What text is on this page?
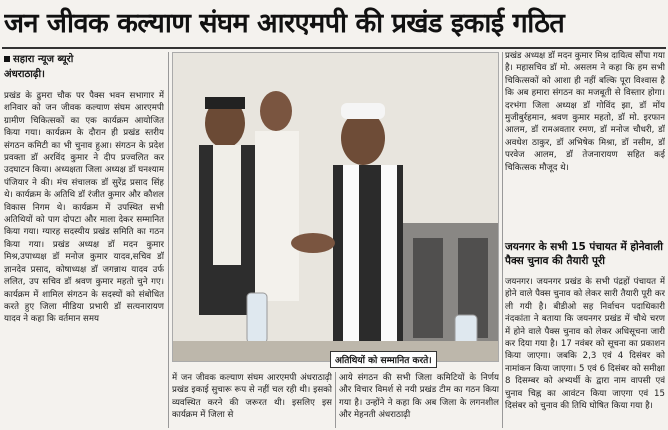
जन जीवक कल्याण संघम आरएमपी की प्रखंड इकाई गठित
सहारा न्यूज ब्यूरो
अंधराठाढ़ी।
प्रखंड के ढुमरा चौक पर पैक्स भवन सभागार में शनिवार को जन जीवक कल्याण संघम आरएमपी ग्रामीण चिकित्सकों का एक कार्यक्रम आयोजित किया गया। कार्यक्रम के दौरान ही प्रखंड स्तरीय संगठन कमिटी का भी चुनाव हुआ। संगठन के प्रदेश प्रवक्ता डॉ अरविंद कुमार ने दीप प्रज्वलित कर उदघाटन किया। अध्यक्षता जिला अध्यक्ष डॉ घनश्याम पंजियार ने की। मंच संचालक डॉ सुरेंद्र प्रसाद सिंह थे। कार्यक्रम के अतिथि डॉ रंजीत कुमार और कौशल विकास निगम थे। कार्यक्रम में उपस्थित सभी अतिथियों को पाग दोपटा और माला देकर सम्मानित किया गया। ग्यारह सदस्यीय प्रखंड समिति का गठन किया गया। प्रखंड अध्यक्ष डॉ मदन कुमार मिश्र,उपाध्यक्ष डॉ मनोज कुमार यादव,सचिव डॉ ज्ञानदेव प्रसाद, कोषाध्यक्ष डॉ जगन्नाथ यादव उर्फ ललित, उप सचिव डॉ श्रवण कुमार महतो चुने गए। कार्यक्रम में शामिल संगठन के सदस्यों को संबोधित करते हुए जिला मीडिया प्रभारी डॉ सत्यनारायण यादव ने कहा कि वर्तमान समय
अतिथियों को सम्मानित करते।
में जन जीवक कल्याण संघम आरएमपी अंधराठाढ़ी प्रखंड इकाई सुचारू रूप से नहीं चल रही थी। इसको व्यवस्थित करने की जरूरत थी। इसलिए इस कार्यक्रम में जिला से
आये संगठन की सभी जिला कमिटियों के निर्णय और विचार विमर्श से नयी प्रखंड टीम का गठन किया गया है। उन्होंने ने कहा कि अब जिला के लगनशील और मेहनती अंधराठाढ़ी
प्रखंड अध्यक्ष डॉ मदन कुमार मिश्र दायित्व सौंपा गया है। महासचिव डॉ मो. असलम ने कहा कि हम सभी चिकित्सकों को आशा ही नहीं बल्कि पूरा विश्वास है कि अब हमारा संगठन का मजबूती से विस्तार होगा। दरभंगा जिला अध्यक्ष डॉ गोविंद झा, डॉ मोंय मुजीबुर्रहमान, श्रवण कुमार महतो, डॉ मो. इरफान आलम, डॉ रामअवतार रमण, डॉ मनोज चौधरी, डॉ अवधेश ठाकुर, डॉ अभिषेक मिश्रा, डॉ नसीम, डॉ परवेज आलम, डॉ तेजनारायण सहित कई चिकित्सक मौजूद थे।
जयनगर के सभी 15 पंचायत में होनेवाली पैक्स चुनाव की तैयारी पूरी
जयनगर। जयनगर प्रखंड के सभी पंद्रहों पंचायत में होने वाले पैक्स चुनाव को लेकर सारी तैयारी पूरी कर ली गयी है। बीडीओ सह निर्वाचन पदाधिकारी नंदकांता ने बताया कि जयनगर प्रखंड में चौथे चरण में होने वाले पैक्स चुनाव को लेकर अधिसूचना जारी कर दिया गया है। 17 नवंबर को सूचना का प्रकाशन किया जाएगा। जबकि 2,3 एवं 4 दिसंबर को नामांकन किया जाएगा। 5 एवं 6 दिसंबर को समीक्षा 8 दिसम्बर को अभ्यर्थी के द्वारा नाम वापसी एवं चुनाव चिह्न का आवंटन किया जाएगा एवं 15 दिसंबर को चुनाव की तिथि घोषित किया गया है।
